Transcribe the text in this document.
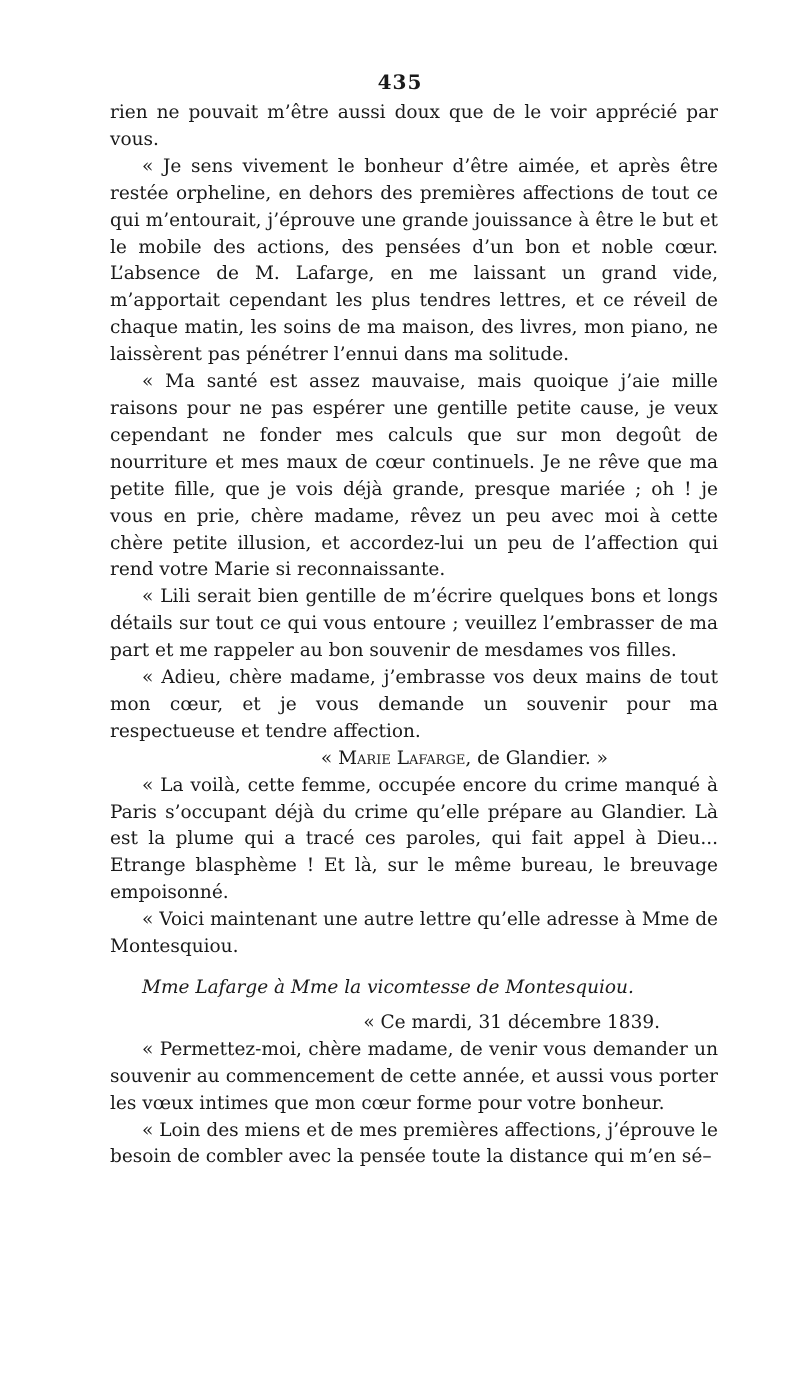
435

rien ne pouvait m’être aussi doux que de le voir apprécié par vous.

« Je sens vivement le bonheur d’être aimée, et après être restée orpheline, en dehors des premières affections de tout ce qui m’entourait, j’éprouve une grande jouissance à être le but et le mobile des actions, des pensées d’un bon et noble cœur. L’absence de M. Lafarge, en me laissant un grand vide, m’apportait cependant les plus tendres lettres, et ce réveil de chaque matin, les soins de ma maison, des livres, mon piano, ne laissèrent pas pénétrer l’ennui dans ma solitude.

« Ma santé est assez mauvaise, mais quoique j’aie mille raisons pour ne pas espérer une gentille petite cause, je veux cependant ne fonder mes calculs que sur mon degoût de nourriture et mes maux de cœur continuels. Je ne rêve que ma petite fille, que je vois déjà grande, presque mariée ; oh ! je vous en prie, chère madame, rêvez un peu avec moi à cette chère petite illusion, et accordez-lui un peu de l’affection qui rend votre Marie si reconnaissante.

« Lili serait bien gentille de m’écrire quelques bons et longs détails sur tout ce qui vous entoure ; veuillez l’embrasser de ma part et me rappeler au bon souvenir de mesdames vos filles.

« Adieu, chère madame, j’embrasse vos deux mains de tout mon cœur, et je vous demande un souvenir pour ma respectueuse et tendre affection.

« Marie Lafarge, de Glandier. »

« La voilà, cette femme, occupée encore du crime manqué à Paris s’occupant déjà du crime qu’elle prépare au Glandier. Là est la plume qui a tracé ces paroles, qui fait appel à Dieu... Etrange blasphème ! Et là, sur le même bureau, le breuvage empoisonné.

« Voici maintenant une autre lettre qu’elle adresse à Mme de Montesquiou.

Mme Lafarge à Mme la vicomtesse de Montesquiou.

« Ce mardi, 31 décembre 1839.

« Permettez-moi, chère madame, de venir vous demander un souvenir au commencement de cette année, et aussi vous porter les vœux intimes que mon cœur forme pour votre bonheur.

« Loin des miens et de mes premières affections, j’éprouve le besoin de combler avec la pensée toute la distance qui m’en sé–
